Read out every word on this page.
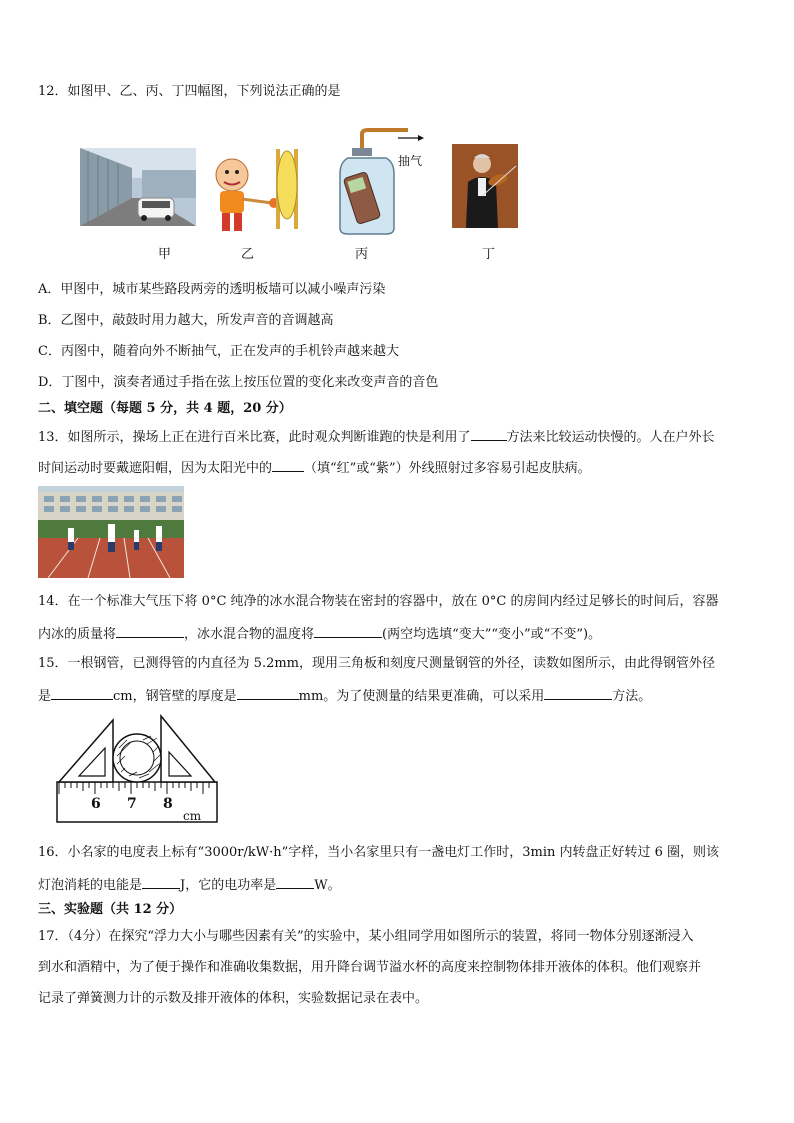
12．如图甲、乙、丙、丁四幅图，下列说法正确的是
抽气
甲	乙	丙	丁
A．甲图中，城市某些路段两旁的透明板墙可以减小噪声污染
B．乙图中，敲鼓时用力越大，所发声音的音调越高
C．丙图中，随着向外不断抽气，正在发声的手机铃声越来越大
D．丁图中，演奏者通过手指在弦上按压位置的变化来改变声音的音色
二、填空题（每题 5 分，共 4 题，20 分）
13．如图所示，操场上正在进行百米比赛，此时观众判断谁跑的快是利用了	方法来比较运动快慢的。人在户外长
时间运动时要戴遮阳帽，因为太阳光中的 （填“红”或“紫”）外线照射过多容易引起皮肤病。
14．在一个标准大气压下将 0°C 纯净的冰水混合物装在密封的容器中，放在 0°C 的房间内经过足够长的时间后，容器
内冰的质量将	，冰水混合物的温度将	(两空均选填“变大”“变小”或“不变”)。
15．一根钢管，已测得管的内直径为 5.2mm，现用三角板和刻度尺测量钢管的外径，读数如图所示，由此得钢管外径
是	cm，钢管壁的厚度是	mm。为了使测量的结果更准确，可以采用	方法。
6 7 8
cm
16．小名家的电度表上标有“3000r/kW·h”字样，当小名家里只有一盏电灯工作时，3min 内转盘正好转过 6 圈，则该
灯泡消耗的电能是	J，它的电功率是	W。
三、实验题（共 12 分）
17．（4分）在探究“浮力大小与哪些因素有关”的实验中，某小组同学用如图所示的装置，将同一物体分别逐渐浸入
到水和酒精中，为了便于操作和准确收集数据，用升降台调节溢水杯的高度来控制物体排开液体的体积。他们观察并
记录了弹簧测力计的示数及排开液体的体积，实验数据记录在表中。
